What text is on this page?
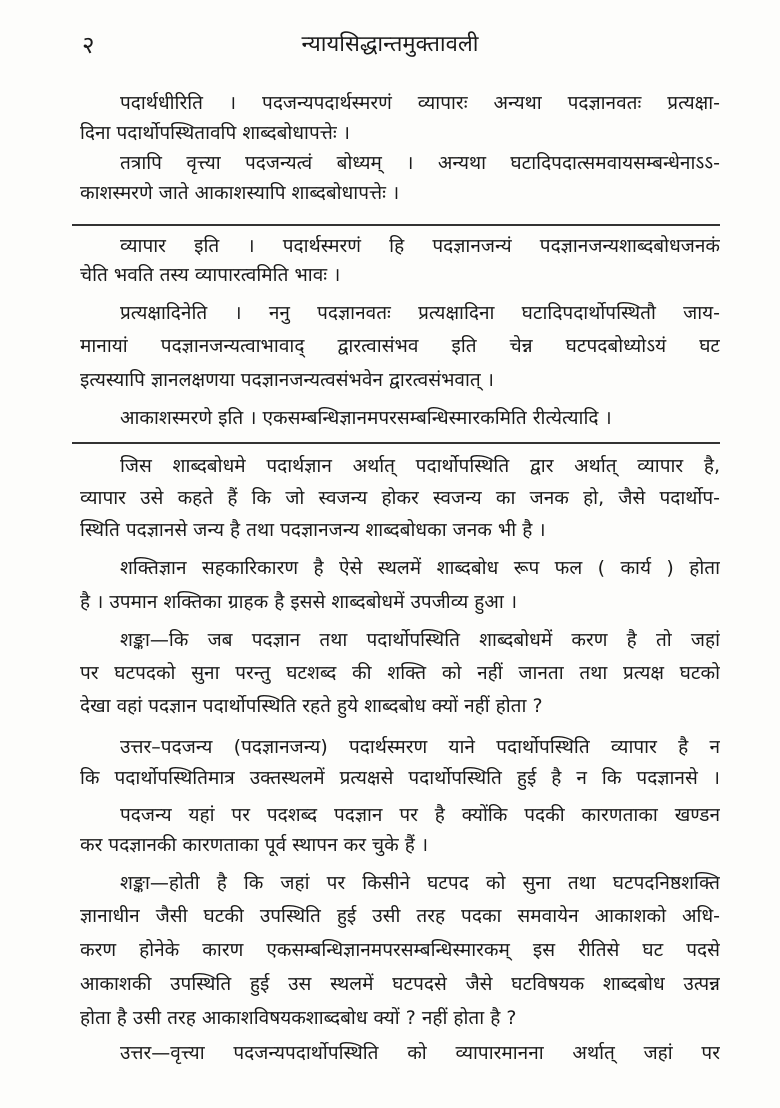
२	न्यायसिद्धान्तमुक्तावली
पदार्थधीरिति । पदजन्यपदार्थस्मरणं व्यापारः अन्यथा पदज्ञानवतः प्रत्यक्षा-
दिना पदार्थोपस्थितावपि शाब्दबोधापत्तेः ।
तत्रापि वृत्त्या पदजन्यत्वं बोध्यम् । अन्यथा घटादिपदात्समवायसम्बन्धेनाऽऽ-
काशस्मरणे जाते आकाशस्यापि शाब्दबोधापत्तेः ।
व्यापार इति । पदार्थस्मरणं हि पदज्ञानजन्यं पदज्ञानजन्यशाब्दबोधजनकं
चेति भवति तस्य व्यापारत्वमिति भावः ।
प्रत्यक्षादिनेति । ननु पदज्ञानवतः प्रत्यक्षादिना घटादिपदार्थोपस्थितौ जाय-
मानायां पदज्ञानजन्यत्वाभावाद् द्वारत्वासंभव इति चेन्न घटपदबोध्योऽयं घट
इत्यस्यापि ज्ञानलक्षणया पदज्ञानजन्यत्वसंभवेन द्वारत्वसंभवात् ।
आकाशस्मरणे इति । एकसम्बन्धिज्ञानमपरसम्बन्धिस्मारकमिति रीत्येत्यादि ।
जिस शाब्दबोधमे पदार्थज्ञान अर्थात् पदार्थोपस्थिति द्वार अर्थात् व्यापार है,
व्यापार उसे कहते हैं कि जो स्वजन्य होकर स्वजन्य का जनक हो, जैसे पदार्थोप-
स्थिति पदज्ञानसे जन्य है तथा पदज्ञानजन्य शाब्दबोधका जनक भी है ।
शक्तिज्ञान सहकारिकारण है ऐसे स्थलमें शाब्दबोध रूप फल ( कार्य ) होता
है । उपमान शक्तिका ग्राहक है इससे शाब्दबोधमें उपजीव्य हुआ ।
शङ्का—कि जब पदज्ञान तथा पदार्थोपस्थिति शाब्दबोधमें करण है तो जहां
पर घटपदको सुना परन्तु घटशब्द की शक्ति को नहीं जानता तथा प्रत्यक्ष घटको
देखा वहां पदज्ञान पदार्थोपस्थिति रहते हुये शाब्दबोध क्यों नहीं होता ?
उत्तर–पदजन्य (पदज्ञानजन्य) पदार्थस्मरण याने पदार्थोपस्थिति व्यापार है न
कि पदार्थोपस्थितिमात्र उक्तस्थलमें प्रत्यक्षसे पदार्थोपस्थिति हुई है न कि पदज्ञानसे ।
पदजन्य यहां पर पदशब्द पदज्ञान पर है क्योंकि पदकी कारणताका खण्डन
कर पदज्ञानकी कारणताका पूर्व स्थापन कर चुके हैं ।
शङ्का—होती है कि जहां पर किसीने घटपद को सुना तथा घटपदनिष्ठशक्ति
ज्ञानाधीन जैसी घटकी उपस्थिति हुई उसी तरह पदका समवायेन आकाशको अधि-
करण होनेके कारण एकसम्बन्धिज्ञानमपरसम्बन्धिस्मारकम् इस रीतिसे घट पदसे
आकाशकी उपस्थिति हुई उस स्थलमें घटपदसे जैसे घटविषयक शाब्दबोध उत्पन्न
होता है उसी तरह आकाशविषयकशाब्दबोध क्यों ? नहीं होता है ?
उत्तर—वृत्त्या पदजन्यपदार्थोपस्थिति को व्यापारमानना अर्थात् जहां पर
